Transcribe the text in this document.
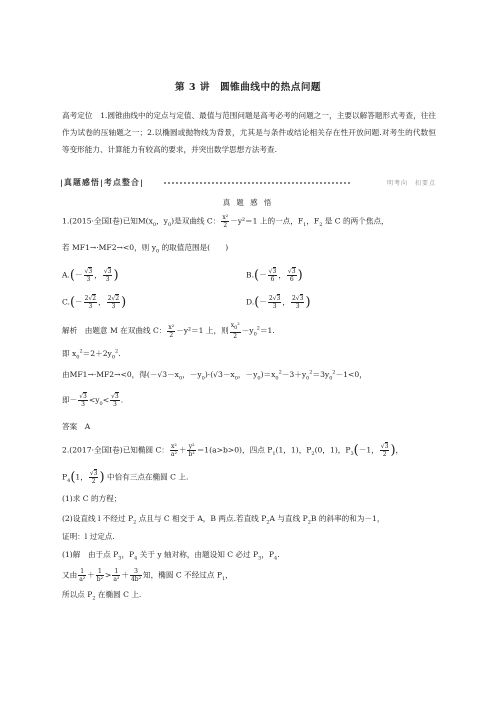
第 3 讲　圆锥曲线中的热点问题
高考定位　1.圆锥曲线中的定点与定值、最值与范围问题是高考必考的问题之一，主要以解答题形式考查，往往作为试卷的压轴题之一；2.以椭圆或抛物线为背景，尤其是与条件或结论相关存在性开放问题.对考生的代数恒等变形能力、计算能力有较高的要求，并突出数学思想方法考查.
|真题感悟|考点整合|	明考向　扣要点
真 题 感 悟
1.(2015·全国Ⅰ卷)已知$M(x_0$，$y_0$)是双曲线 C： $\frac{\text{x²}}{2} -y^2=1$ 上的一点，$F_1$，$F_2$ 是 C 的两个焦点，
若 MF1→·MF2→<0，则 $y_0$ 的取值范围是(　　)
$A.(- \frac{√3}{3}$ ， $\frac{√3}{3}$ )	$B.(- \frac{√3}{6}$ ， $\frac{√3}{6}$ )
$C.(- \frac{2√2}{3}$ ， $\frac{2√2}{3}$ )	$D.(- \frac{2√3}{3}$ ， $\frac{2√3}{3}$ )
解析　由题意 M 在双曲线 C： $\frac{\text{x²}}{2} -y^2=1$ 上，则 $\frac{x_0^2}{2} -y_0^2=1$.
即 $x_0^2=2+2y_0^2$.
由MF1→·MF2→<0，得($-√3-x_0$，$-y_0)\cdot(√3-x_0$，$-y_0)=x_0^2-3+y_0^2=3y_0^2-1<0$，
即－ $\frac{√3}{3} <y_0< \frac{√3}{3}$ .
答案　A
2.(2017·全国Ⅰ卷)已知椭圆 C： $\frac{\text{x²}}{\text{a²}} + \frac{\text{y²}}{\text{b²}} =1(a>b>0)$，四点 $P_1(1$，1)，$P_2(0$，1)，$P_3(-1$， $\frac{√3}{2}$ )，
$P_4(1$， $\frac{√3}{2}$ ) 中恰有三点在椭圆 C 上.
(1)求 C 的方程；
(2)设直线 l 不经过 $P_2$ 点且与 C 相交于 A，B 两点.若直线 $P_2A$ 与直线 $P_2B$ 的斜率的和为－1，
证明：l 过定点.
(1)解　由于点 $P_3$，$P_4$ 关于 y 轴对称，由题设知 C 必过 $P_3$，$P_4$.
又由 $\frac{1}{\text{a²}} + \frac{1}{\text{b²}} > \frac{1}{\text{a²}} + \frac{3}{\text{4b²}}$ 知，椭圆 C 不经过点 $P_1$，
所以点 $P_2$ 在椭圆 C 上.
